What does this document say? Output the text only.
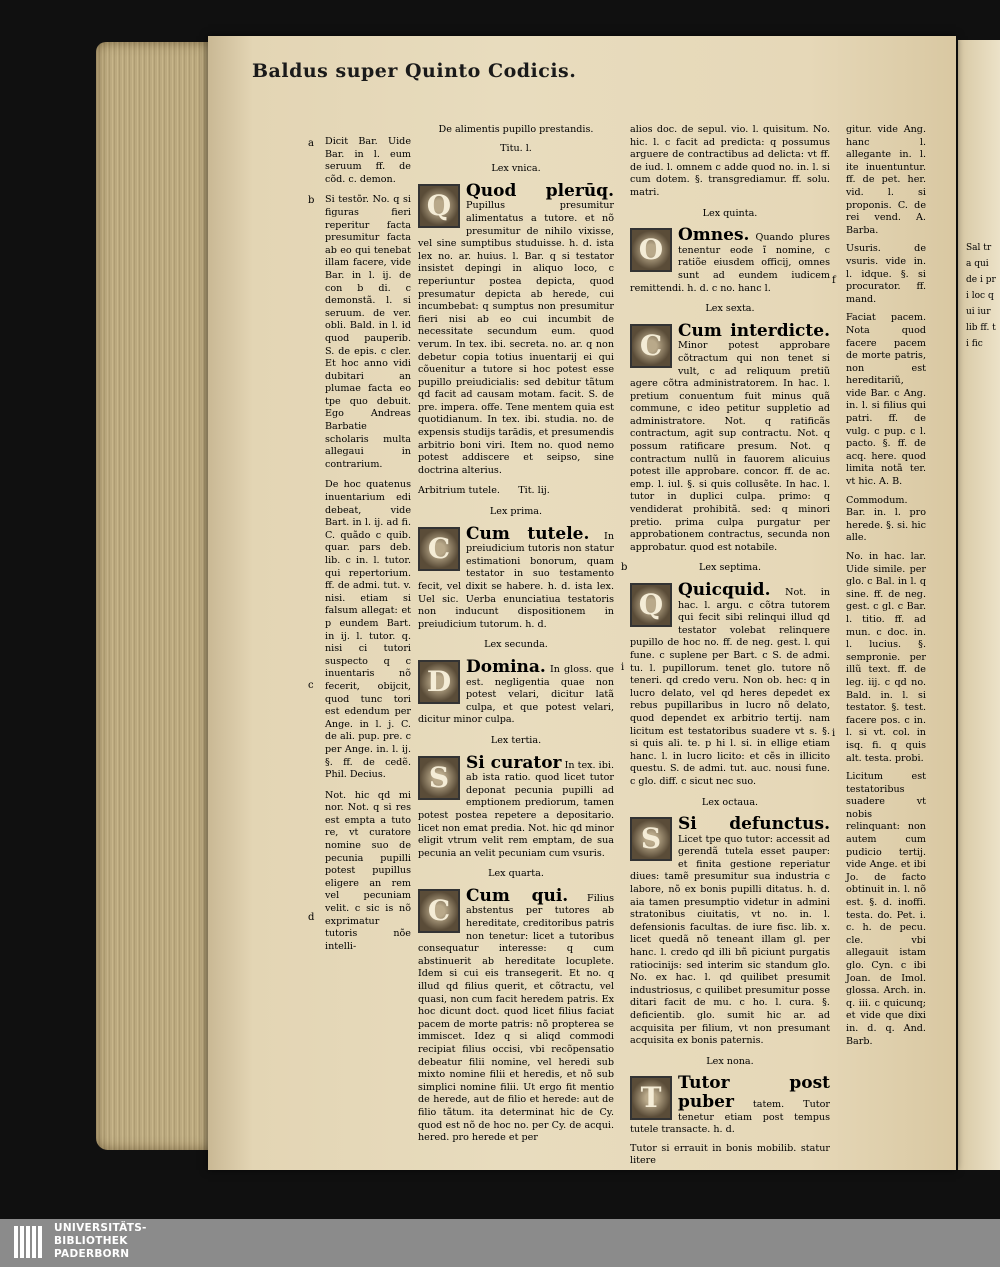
Baldus super Quinto Codicis.

Dicit Bar. Uide Bar. in l. eum seruum ff. de cõd. c. demon.

Si testõr. No. q si figuras fieri reperitur facta presumitur facta ab eo qui tenebat illam facere, vide Bar. in l. ij. de con b di. c demonstã. l. si seruum. de ver. obli. Bald. in l. id quod pauperib. S. de epis. c cler. Et hoc anno vidi dubitari an plumae facta eo tpe quo debuit. Ego Andreas Barbatie scholaris multa allegaui in contrarium.

De hoc quatenus inuentarium edi debeat, vide Bart. in l. ij. ad fi. C. quãdo c quib. quar. pars deb. lib. c in. l. tutor. qui repertorium. ff. de admi. tut. v. nisi. etiam si falsum allegat: et p eundem Bart. in ij. l. tutor. q. nisi ci tutori suspecto q c inuentaris nõ fecerit, obijcit, quod tunc tori est edendum per Ange. in l. j. C. de ali. pup. pre. c per Ange. in. l. ij. §. ff. de cedẽ. Phil. Decius.

Not. hic qd mi nor. Not. q si res est empta a tuto re, vt curatore nomine suo de pecunia pupilli potest pupillus eligere an rem vel pecuniam velit. c sic is nõ exprimatur tutoris nõe intelli-

a
b
c
d
De alimentis pupillo prestandis.
Titu. l.
Lex vnica.

Q Quod plerūq. Pupillus presumitur alimentatus a tutore. et nõ presumitur de nihilo vixisse, vel sine sumptibus studuisse. h. d. ista lex no. ar. huius. l. Bar. q si testator insistet depingi in aliquo loco, c reperiuntur postea depicta, quod presumatur depicta ab herede, cui incumbebat: q sumptus non presumitur fieri nisi ab eo cui incumbit de necessitate secundum eum. quod verum. In tex. ibi. secreta. no. ar. q non debetur copia totius inuentarij ei qui cõuenitur a tutore si hoc potest esse pupillo preiudicialis: sed debitur tãtum qd facit ad causam motam. facit. S. de pre. impera. offe. Tene mentem quia est quotidianum. In tex. ibi. studia. no. de expensis studijs tarādis, et presumendis arbitrio boni viri. Item no. quod nemo potest addiscere et seipso, sine doctrina alterius.

Arbitrium tutele. Tit. lij.

Lex prima.

C Cum tutele. In preiudicium tutoris non statur estimationi bonorum, quam testator in suo testamento fecit, vel dixit se habere. h. d. ista lex. Uel sic. Uerba enunciatiua testatoris non inducunt dispositionem in preiudicium tutorum. h. d.

Lex secunda.

D Domina. In gloss. que est. negligentia quae non potest velari, dicitur latã culpa, et que potest velari, dicitur minor culpa.

Lex tertia.

S Si curator In tex. ibi. ab ista ratio. quod licet tutor deponat pecunia pupilli ad emptionem prediorum, tamen potest postea repetere a depositario. licet non emat predia. Not. hic qd minor eligit vtrum velit rem emptam, de sua pecunia an velit pecuniam cum vsuris.

Lex quarta.

C Cum qui. Filius abstentus per tutores ab hereditate, creditoribus patris non tenetur: licet a tutoribus consequatur interesse: q cum abstinuerit ab hereditate locuplete. Idem si cui eis transegerit. Et no. q illud qd filius querit, et cõtractu, vel quasi, non cum facit heredem patris. Ex hoc dicunt doct. quod licet filius faciat pacem de morte patris: nõ propterea se immiscet. Idez q si aliqd commodi recipiat filius occisi, vbi recõpensatio debeatur filii nomine, vel heredi sub mixto nomine filii et heredis, et nõ sub simplici nomine filii. Ut ergo fit mentio de herede, aut de filio et herede: aut de filio tãtum. ita determinat hic de Cy. quod est nõ de hoc no. per Cy. de acqui. hered. pro herede et per

alios doc. de sepul. vio. l. quisitum. No. hic. l. c facit ad predicta: q possumus arguere de contractibus ad delicta: vt ff. de iud. l. omnem c adde quod no. in. l. si cum dotem. §. transgrediamur. ff. solu. matri.

Lex quinta.

O Omnes. Quando plures tenentur eode ĩ nomine, c ratiõe eiusdem officij, omnes sunt ad eundem iudicem remittendi. h. d. c no. hanc l.

Lex sexta.

C Cum interdicte. Minor potest approbare cõtractum qui non tenet si vult, c ad reliquum pretiũ agere cõtra administratorem. In hac. l. pretium conuentum fuit minus quã commune, c ideo petitur suppletio ad administratore. Not. q ratificãs contractum, agit sup contractu. Not. q possum ratificare presum. Not. q contractum nullũ in fauorem alicuius potest ille approbare. concor. ff. de ac. emp. l. iul. §. si quis collusẽte. In hac. l. tutor in duplici culpa. primo: q vendiderat prohibitã. sed: q minori pretio. prima culpa purgatur per approbationem contractus, secunda non approbatur. quod est notabile.

Lex septima.

Q Quicquid. Not. in hac. l. argu. c cõtra tutorem qui fecit sibi relinqui illud qd testator volebat relinquere pupillo de hoc no. ff. de neg. gest. l. qui fune. c suplene per Bart. c S. de admi. tu. l. pupillorum. tenet glo. tutore nõ teneri. qd credo veru. Non ob. hec: q in lucro delato, vel qd heres depedet ex rebus pupillaribus in lucro nõ delato, quod dependet ex arbitrio tertij. nam licitum est testatoribus suadere vt s. §. si quis ali. te. p hi l. si. in ellige etiam hanc. l. in lucro licito: et cẽs in illicito questu. S. de admi. tut. auc. nousi fune. c glo. diff. c sicut nec suo.

Lex octaua.

S Si defunctus. Licet tpe quo tutor: accessit ad gerendã tutela esset pauper: et finita gestione reperiatur diues: tamẽ presumitur sua industria c labore, nõ ex bonis pupilli ditatus. h. d. aia tamen presumptio videtur in admini stratonibus ciuitatis, vt no. in. l. defensionis facultas. de iure fisc. lib. x. licet quedã nõ teneant illam gl. per hanc. l. credo qd illi bñ piciunt purgatis ratiocinijs: sed interim sic standum glo. No. ex hac. l. qd quilibet presumit industriosus, c quilibet presumitur posse ditari facit de mu. c ho. l. cura. §. deficientib. glo. sumit hic ar. ad acquisita per filium, vt non presumant acquisita ex bonis paternis.

Lex nona.

T Tutor post puber tatem. Tutor tenetur etiam post tempus tutele transacte. h. d.

Tutor si errauit in bonis mobilib. statur litere

b
i
f
i

gitur. vide Ang. hanc l. allegante in. l. ite inuentuntur. ff. de pet. her. vid. l. si proponis. C. de rei vend. A. Barba.

Usuris. de vsuris. vide in. l. idque. §. si procurator. ff. mand.

Faciat pacem. Nota quod facere pacem de morte patris, non est hereditariũ, vide Bar. c Ang. in. l. si filius qui patri. ff. de vulg. c pup. c l. pacto. §. ff. de acq. here. quod limita notã ter. vt hic. A. B.

Commodum. Bar. in. l. pro herede. §. si. hic alle.

No. in hac. lar. Uide simile. per glo. c Bal. in l. q sine. ff. de neg. gest. c gl. c Bar. l. titio. ff. ad mun. c doc. in. l. lucius. §. sempronie. per illũ text. ff. de leg. iij. c qd no. Bald. in. l. si testator. §. test. facere pos. c in. l. si vt. col. in isq. fi. q quis alt. testa. probi.

Licitum est testatoribus suadere vt nobis relinquant: non autem cum pudicio tertij. vide Ange. et ibi Jo. de facto obtinuit in. l. nõ est. §. d. inoffi. testa. do. Pet. i. c. h. de pecu. cle. vbi allegauit istam glo. Cyn. c ibi Joan. de Imol. glossa. Arch. in. q. iii. c quicunq; et vide que dixi in. d. q. And. Barb.

Sal tra qui de i pri loc qui iur lib ff. ti fic
UNIVERSITÄTS-
BIBLIOTHEK
PADERBORN
